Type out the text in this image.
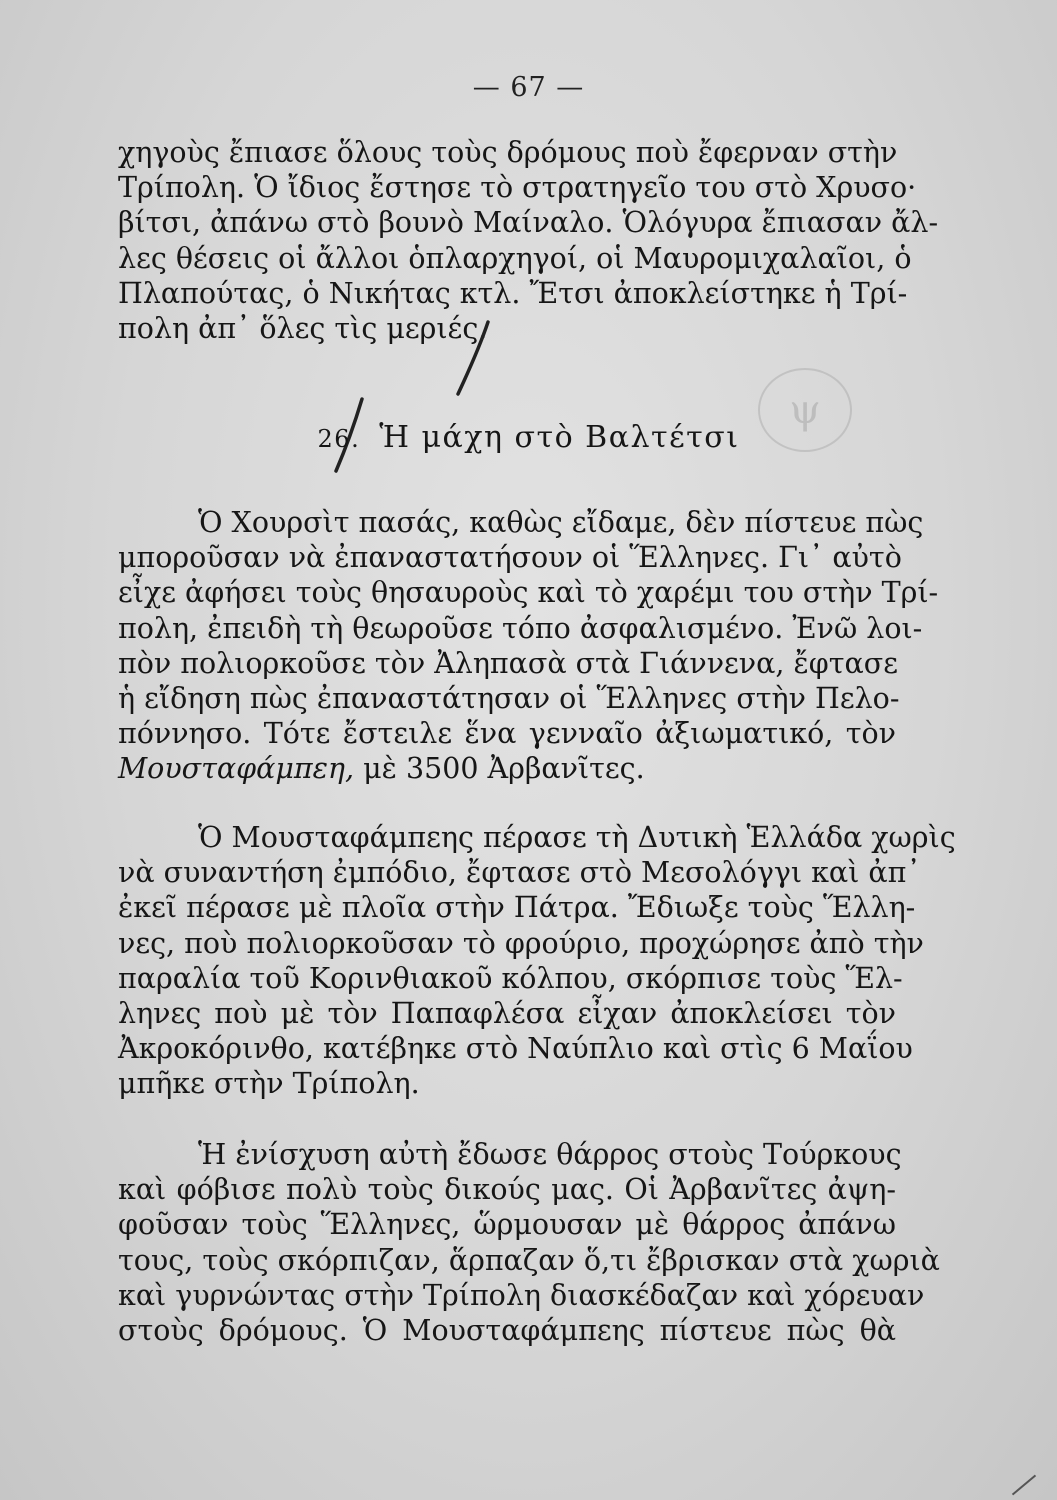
— 67 —
χηγοὺς ἔπιασε ὅλους τοὺς δρόμους ποὺ ἔφερναν στὴν
Τρίπολη. Ὁ ἴδιος ἔστησε τὸ στρατηγεῖο του στὸ Χρυσο·
βίτσι, ἀπάνω στὸ βουνὸ Μαίναλο. Ὁλόγυρα ἔπιασαν ἄλ-
λες θέσεις οἱ ἄλλοι ὁπλαρχηγοί, οἱ Μαυρομιχαλαῖοι, ὁ
Πλαπούτας, ὁ Νικήτας κτλ. Ἔτσι ἀποκλείστηκε ἡ Τρί-
πολη ἀπ᾽ ὅλες τὶς μεριές.
ψ
26. Ἡ μάχη στὸ Βαλτέτσι
Ὁ Χουρσὶτ πασάς, καθὼς εἴδαμε, δὲν πίστευε πὼς
μποροῦσαν νὰ ἐπαναστατήσουν οἱ Ἕλληνες. Γι᾽ αὐτὸ
εἶχε ἀφήσει τοὺς θησαυροὺς καὶ τὸ χαρέμι του στὴν Τρί-
πολη, ἐπειδὴ τὴ θεωροῦσε τόπο ἀσφαλισμένο. Ἐνῶ λοι-
πὸν πολιορκοῦσε τὸν Ἀληπασὰ στὰ Γιάννενα, ἔφτασε
ἡ εἴδηση πὼς ἐπαναστάτησαν οἱ Ἕλληνες στὴν Πελο-
πόννησο. Τότε ἔστειλε ἕνα γενναῖο ἀξιωματικό, τὸν
Μουσταφάμπεη, μὲ 3500 Ἀρβανῖτες.
Ὁ Μουσταφάμπεης πέρασε τὴ Δυτικὴ Ἑλλάδα χωρὶς
νὰ συναντήση ἐμπόδιο, ἔφτασε στὸ Μεσολόγγι καὶ ἀπ᾽
ἐκεῖ πέρασε μὲ πλοῖα στὴν Πάτρα. Ἔδιωξε τοὺς Ἕλλη-
νες, ποὺ πολιορκοῦσαν τὸ φρούριο, προχώρησε ἀπὸ τὴν
παραλία τοῦ Κορινθιακοῦ κόλπου, σκόρπισε τοὺς Ἕλ-
ληνες ποὺ μὲ τὸν Παπαφλέσα εἶχαν ἀποκλείσει τὸν
Ἀκροκόρινθο, κατέβηκε στὸ Ναύπλιο καὶ στὶς 6 Μαΐου
μπῆκε στὴν Τρίπολη.
Ἡ ἐνίσχυση αὐτὴ ἔδωσε θάρρος στοὺς Τούρκους
καὶ φόβισε πολὺ τοὺς δικούς μας. Οἱ Ἀρβανῖτες ἀψη-
φοῦσαν τοὺς Ἕλληνες, ὥρμουσαν μὲ θάρρος ἀπάνω
τους, τοὺς σκόρπιζαν, ἅρπαζαν ὅ,τι ἔβρισκαν στὰ χωριὰ
καὶ γυρνώντας στὴν Τρίπολη διασκέδαζαν καὶ χόρευαν
στοὺς δρόμους. Ὁ Μουσταφάμπεης πίστευε πὼς θὰ
